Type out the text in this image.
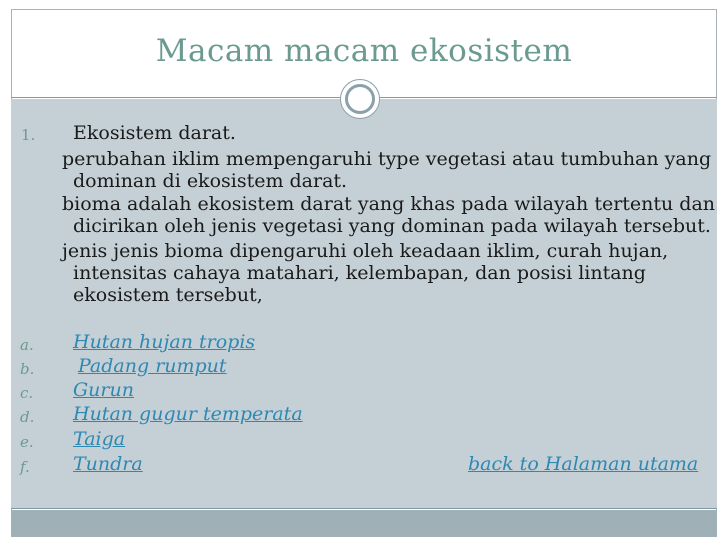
Macam macam ekosistem
1. Ekosistem darat.
perubahan iklim mempengaruhi type vegetasi atau tumbuhan yang
dominan di ekosistem darat.
bioma adalah ekosistem darat yang khas pada wilayah tertentu dan
dicirikan oleh jenis vegetasi yang dominan pada wilayah tersebut.
jenis jenis bioma dipengaruhi oleh keadaan iklim, curah hujan,
intensitas cahaya matahari, kelembapan, dan posisi lintang
ekosistem tersebut,
a. Hutan hujan tropis
b. Padang rumput
c. Gurun
d. Hutan gugur temperata
e. Taiga
f. Tundra	back to Halaman utama
